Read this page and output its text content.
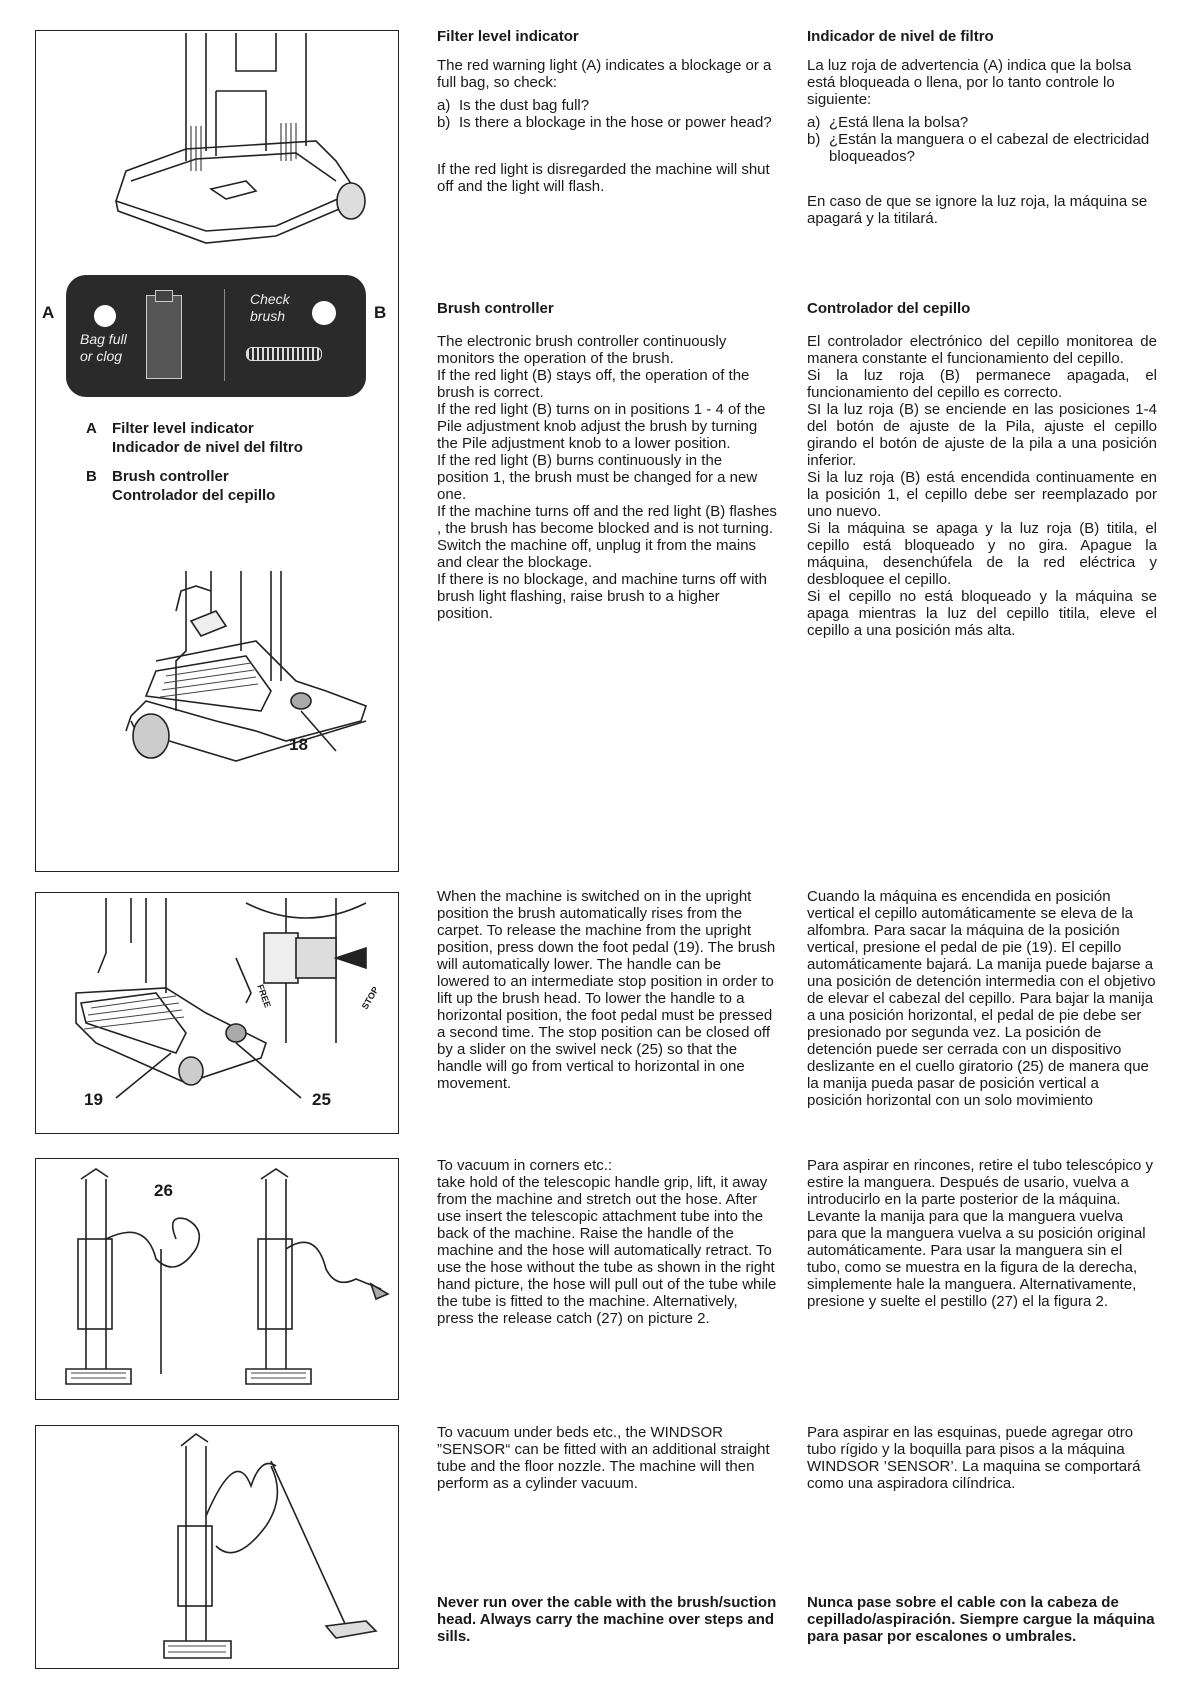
Bag full
or clog
Check
brush
A	B
A	Filter level indicator
Indicador de nivel del filtro
B	Brush controller
Controlador del cepillo
18
FREE	STOP
19	25
26

Filter level indicator

The red warning light (A) indicates a blockage or a full bag, so check:

a) Is the dust bag full?
b) Is there a blockage in the hose or power head?

If the red light is disregarded the machine will shut off and the light will flash.

Indicador de nivel de filtro

La luz roja de advertencia (A) indica que la bolsa está bloqueada o llena, por lo tanto controle lo siguiente:

a) ¿Está llena la bolsa?
b) ¿Están la manguera o el cabezal de electricidad bloqueados?

En caso de que se ignore la luz roja, la máquina se apagará y la titilará.

Brush controller

The electronic brush controller continuously monitors the operation of the brush.

If the red light (B) stays off, the operation of the brush is correct.

If the red light (B) turns on in positions 1 - 4 of the Pile adjustment knob adjust the brush by turning the Pile adjustment knob to a lower position.

If the red light (B) burns continuously in the position 1, the brush must be changed for a new one.

If the machine turns off and the red light (B) flashes , the brush has become blocked and is not turning. Switch the machine off, unplug it from the mains and clear the blockage.

If there is no blockage, and machine turns off with brush light flashing, raise brush to a higher position.

Controlador del cepillo

El controlador electrónico del cepillo monitorea de manera constante el funcionamiento del cepillo.

Si la luz roja (B) permanece apagada, el funcionamiento del cepillo es correcto.

SI la luz roja (B) se enciende en las posiciones 1-4 del botón de ajuste de la Pila, ajuste el cepillo girando el botón de ajuste de la pila a una posición inferior.

Si la luz roja (B) está encendida continuamente en la posición 1, el cepillo debe ser reemplazado por uno nuevo.

Si la máquina se apaga y la luz roja (B) titila, el cepillo está bloqueado y no gira. Apague la máquina, desenchúfela de la red eléctrica y desbloquee el cepillo.

Si el cepillo no está bloqueado y la máquina se apaga mientras la luz del cepillo titila, eleve el cepillo a una posición más alta.

When the machine is switched on in the upright position the brush automatically rises from the carpet. To release the machine from the upright position, press down the foot pedal (19). The brush will automatically lower. The handle can be lowered to an intermediate stop position in order to lift up the brush head. To lower the handle to a horizontal position, the foot pedal must be pressed a second time. The stop position can be closed off by a slider on the swivel neck (25) so that the handle will go from vertical to horizontal in one movement.
Cuando la máquina es encendida en posición vertical el cepillo automáticamente se eleva de la alfombra. Para sacar la máquina de la posición vertical, presione el pedal de pie (19). El cepillo automáticamente bajará. La manija puede bajarse a una posición de detención intermedia con el objetivo de elevar el cabezal del cepillo. Para bajar la manija a una posición horizontal, el pedal de pie debe ser presionado por segunda vez. La posición de detención puede ser cerrada con un dispositivo deslizante en el cuello giratorio (25) de manera que la manija pueda pasar de posición vertical a posición horizontal con un solo movimiento

To vacuum in corners etc.:

take hold of the telescopic handle grip, lift, it away from the machine and stretch out the hose. After use insert the telescopic attachment tube into the back of the machine. Raise the handle of the machine and the hose will automatically retract. To use the hose without the tube as shown in the right hand picture, the hose will pull out of the tube while the tube is fitted to the machine. Alternatively, press the release catch (27) on picture 2.

Para aspirar en rincones, retire el tubo telescópico y estire la manguera. Después de usario, vuelva a introducirlo en la parte posterior de la máquina. Levante la manija para que la manguera vuelva para que la manguera vuelva a su posición original automáticamente. Para usar la manguera sin el tubo, como se muestra en la figura de la derecha, simplemente hale la manguera. Alternativamente, presione y suelte el pestillo (27) el la figura 2.
To vacuum under beds etc., the WINDSOR ”SENSOR“ can be fitted with an additional straight tube and the floor nozzle. The machine will then perform as a cylinder vacuum.
Para aspirar en las esquinas, puede agregar otro tubo rígido y la boquilla para pisos a la máquina WINDSOR ’SENSOR’. La maquina se comportará como una aspiradora cilíndrica.
Never run over the cable with the brush/suction head. Always carry the machine over steps and sills.
Nunca pase sobre el cable con la cabeza de cepillado/aspiración. Siempre cargue la máquina para pasar por escalones o umbrales.
